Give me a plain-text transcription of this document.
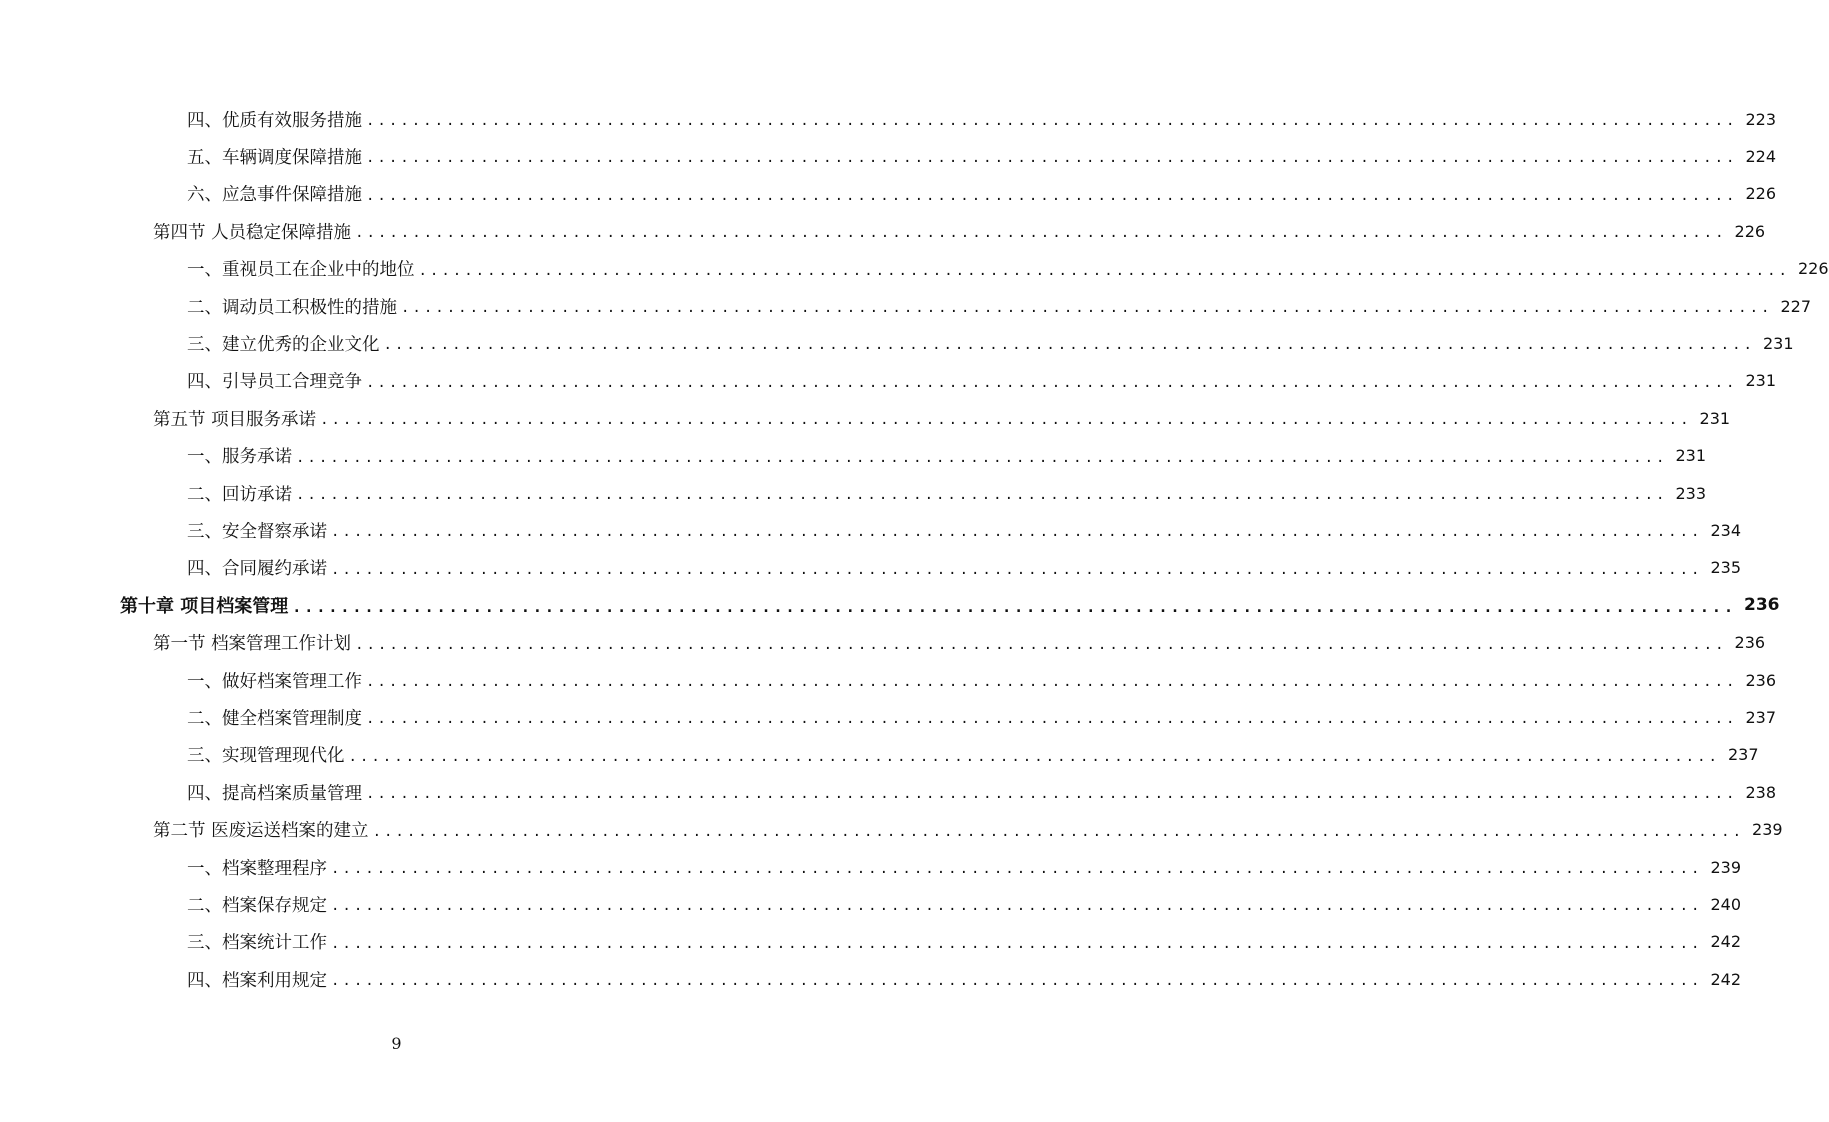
四、优质有效服务措施 ........................................................................................................................ 223
五、车辆调度保障措施 ........................................................................................................................ 224
六、应急事件保障措施 ........................................................................................................................ 226
第四节 人员稳定保障措施 ........................................................................................................................ 226
一、重视员工在企业中的地位 ........................................................................................................................ 226
二、调动员工积极性的措施 ........................................................................................................................ 227
三、建立优秀的企业文化 ........................................................................................................................ 231
四、引导员工合理竞争 ........................................................................................................................ 231
第五节 项目服务承诺 ........................................................................................................................ 231
一、服务承诺 ........................................................................................................................ 231
二、回访承诺 ........................................................................................................................ 233
三、安全督察承诺 ........................................................................................................................ 234
四、合同履约承诺 ........................................................................................................................ 235
第十章 项目档案管理 ........................................................................................................................ 236
第一节 档案管理工作计划 ........................................................................................................................ 236
一、做好档案管理工作 ........................................................................................................................ 236
二、健全档案管理制度 ........................................................................................................................ 237
三、实现管理现代化 ........................................................................................................................ 237
四、提高档案质量管理 ........................................................................................................................ 238
第二节 医废运送档案的建立 ........................................................................................................................ 239
一、档案整理程序 ........................................................................................................................ 239
二、档案保存规定 ........................................................................................................................ 240
三、档案统计工作 ........................................................................................................................ 242
四、档案利用规定 ........................................................................................................................ 242
9
